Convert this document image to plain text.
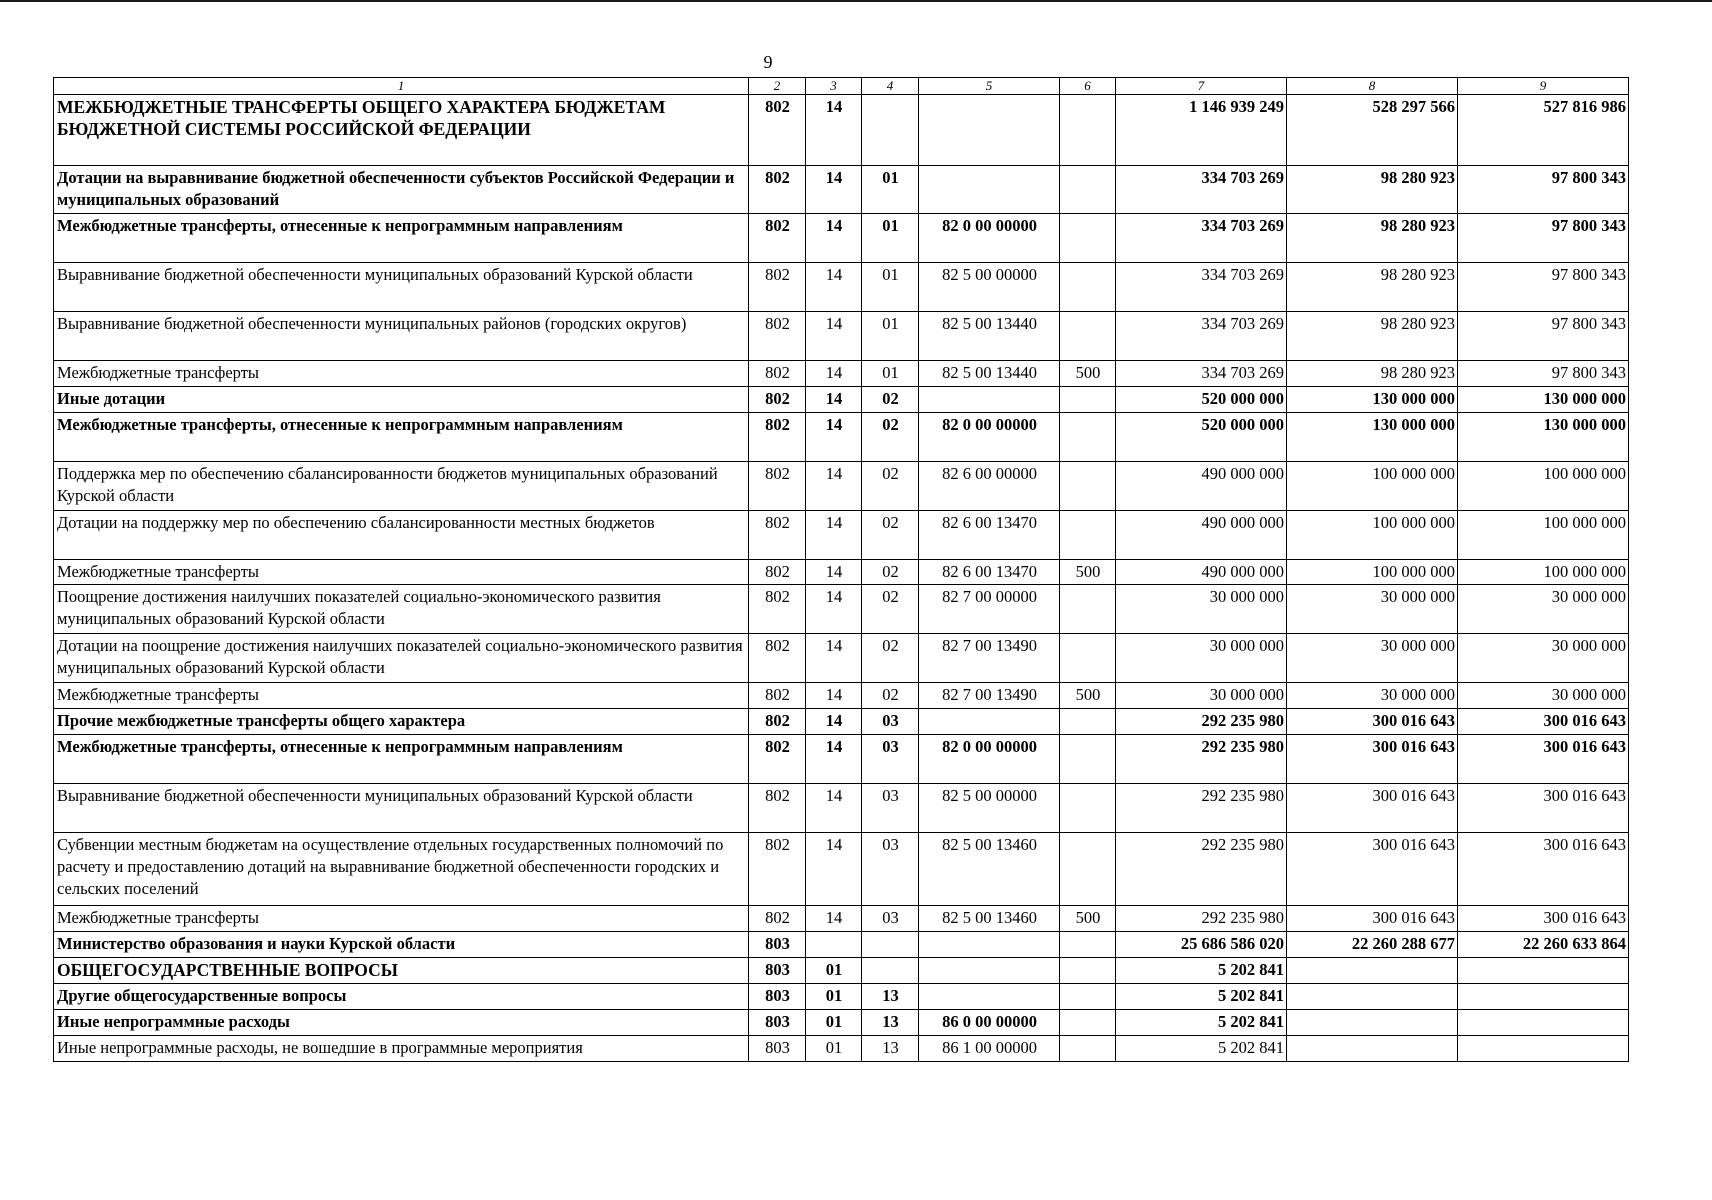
9
1	2	3	4	5	6	7	8	9
МЕЖБЮДЖЕТНЫЕ ТРАНСФЕРТЫ ОБЩЕГО ХАРАКТЕРА БЮДЖЕТАМ БЮДЖЕТНОЙ СИСТЕМЫ РОССИЙСКОЙ ФЕДЕРАЦИИ	802	14				1 146 939 249	528 297 566	527 816 986
Дотации на выравнивание бюджетной обеспеченности субъектов Российской Федерации и муниципальных образований	802	14	01			334 703 269	98 280 923	97 800 343
Межбюджетные трансферты, отнесенные к непрограммным направлениям	802	14	01	82 0 00 00000		334 703 269	98 280 923	97 800 343
Выравнивание бюджетной обеспеченности муниципальных образований Курской области	802	14	01	82 5 00 00000		334 703 269	98 280 923	97 800 343
Выравнивание бюджетной обеспеченности муниципальных районов (городских округов)	802	14	01	82 5 00 13440		334 703 269	98 280 923	97 800 343
Межбюджетные трансферты	802	14	01	82 5 00 13440	500	334 703 269	98 280 923	97 800 343
Иные дотации	802	14	02			520 000 000	130 000 000	130 000 000
Межбюджетные трансферты, отнесенные к непрограммным направлениям	802	14	02	82 0 00 00000		520 000 000	130 000 000	130 000 000
Поддержка мер по обеспечению сбалансированности бюджетов муниципальных образований Курской области	802	14	02	82 6 00 00000		490 000 000	100 000 000	100 000 000
Дотации на поддержку мер по обеспечению сбалансированности местных бюджетов	802	14	02	82 6 00 13470		490 000 000	100 000 000	100 000 000
Межбюджетные трансферты	802	14	02	82 6 00 13470	500	490 000 000	100 000 000	100 000 000
Поощрение достижения наилучших показателей социально-экономического развития муниципальных образований Курской области	802	14	02	82 7 00 00000		30 000 000	30 000 000	30 000 000
Дотации на поощрение достижения наилучших показателей социально-экономического развития муниципальных образований Курской области	802	14	02	82 7 00 13490		30 000 000	30 000 000	30 000 000
Межбюджетные трансферты	802	14	02	82 7 00 13490	500	30 000 000	30 000 000	30 000 000
Прочие межбюджетные трансферты общего характера	802	14	03			292 235 980	300 016 643	300 016 643
Межбюджетные трансферты, отнесенные к непрограммным направлениям	802	14	03	82 0 00 00000		292 235 980	300 016 643	300 016 643
Выравнивание бюджетной обеспеченности муниципальных образований Курской области	802	14	03	82 5 00 00000		292 235 980	300 016 643	300 016 643
Субвенции местным бюджетам на осуществление отдельных государственных полномочий по расчету и предоставлению дотаций на выравнивание бюджетной обеспеченности городских и сельских поселений	802	14	03	82 5 00 13460		292 235 980	300 016 643	300 016 643
Межбюджетные трансферты	802	14	03	82 5 00 13460	500	292 235 980	300 016 643	300 016 643
Министерство образования и науки Курской области	803					25 686 586 020	22 260 288 677	22 260 633 864
ОБЩЕГОСУДАРСТВЕННЫЕ ВОПРОСЫ	803	01				5 202 841		
Другие общегосударственные вопросы	803	01	13			5 202 841		
Иные непрограммные расходы	803	01	13	86 0 00 00000		5 202 841		
Иные непрограммные расходы, не вошедшие в программные мероприятия	803	01	13	86 1 00 00000		5 202 841		
